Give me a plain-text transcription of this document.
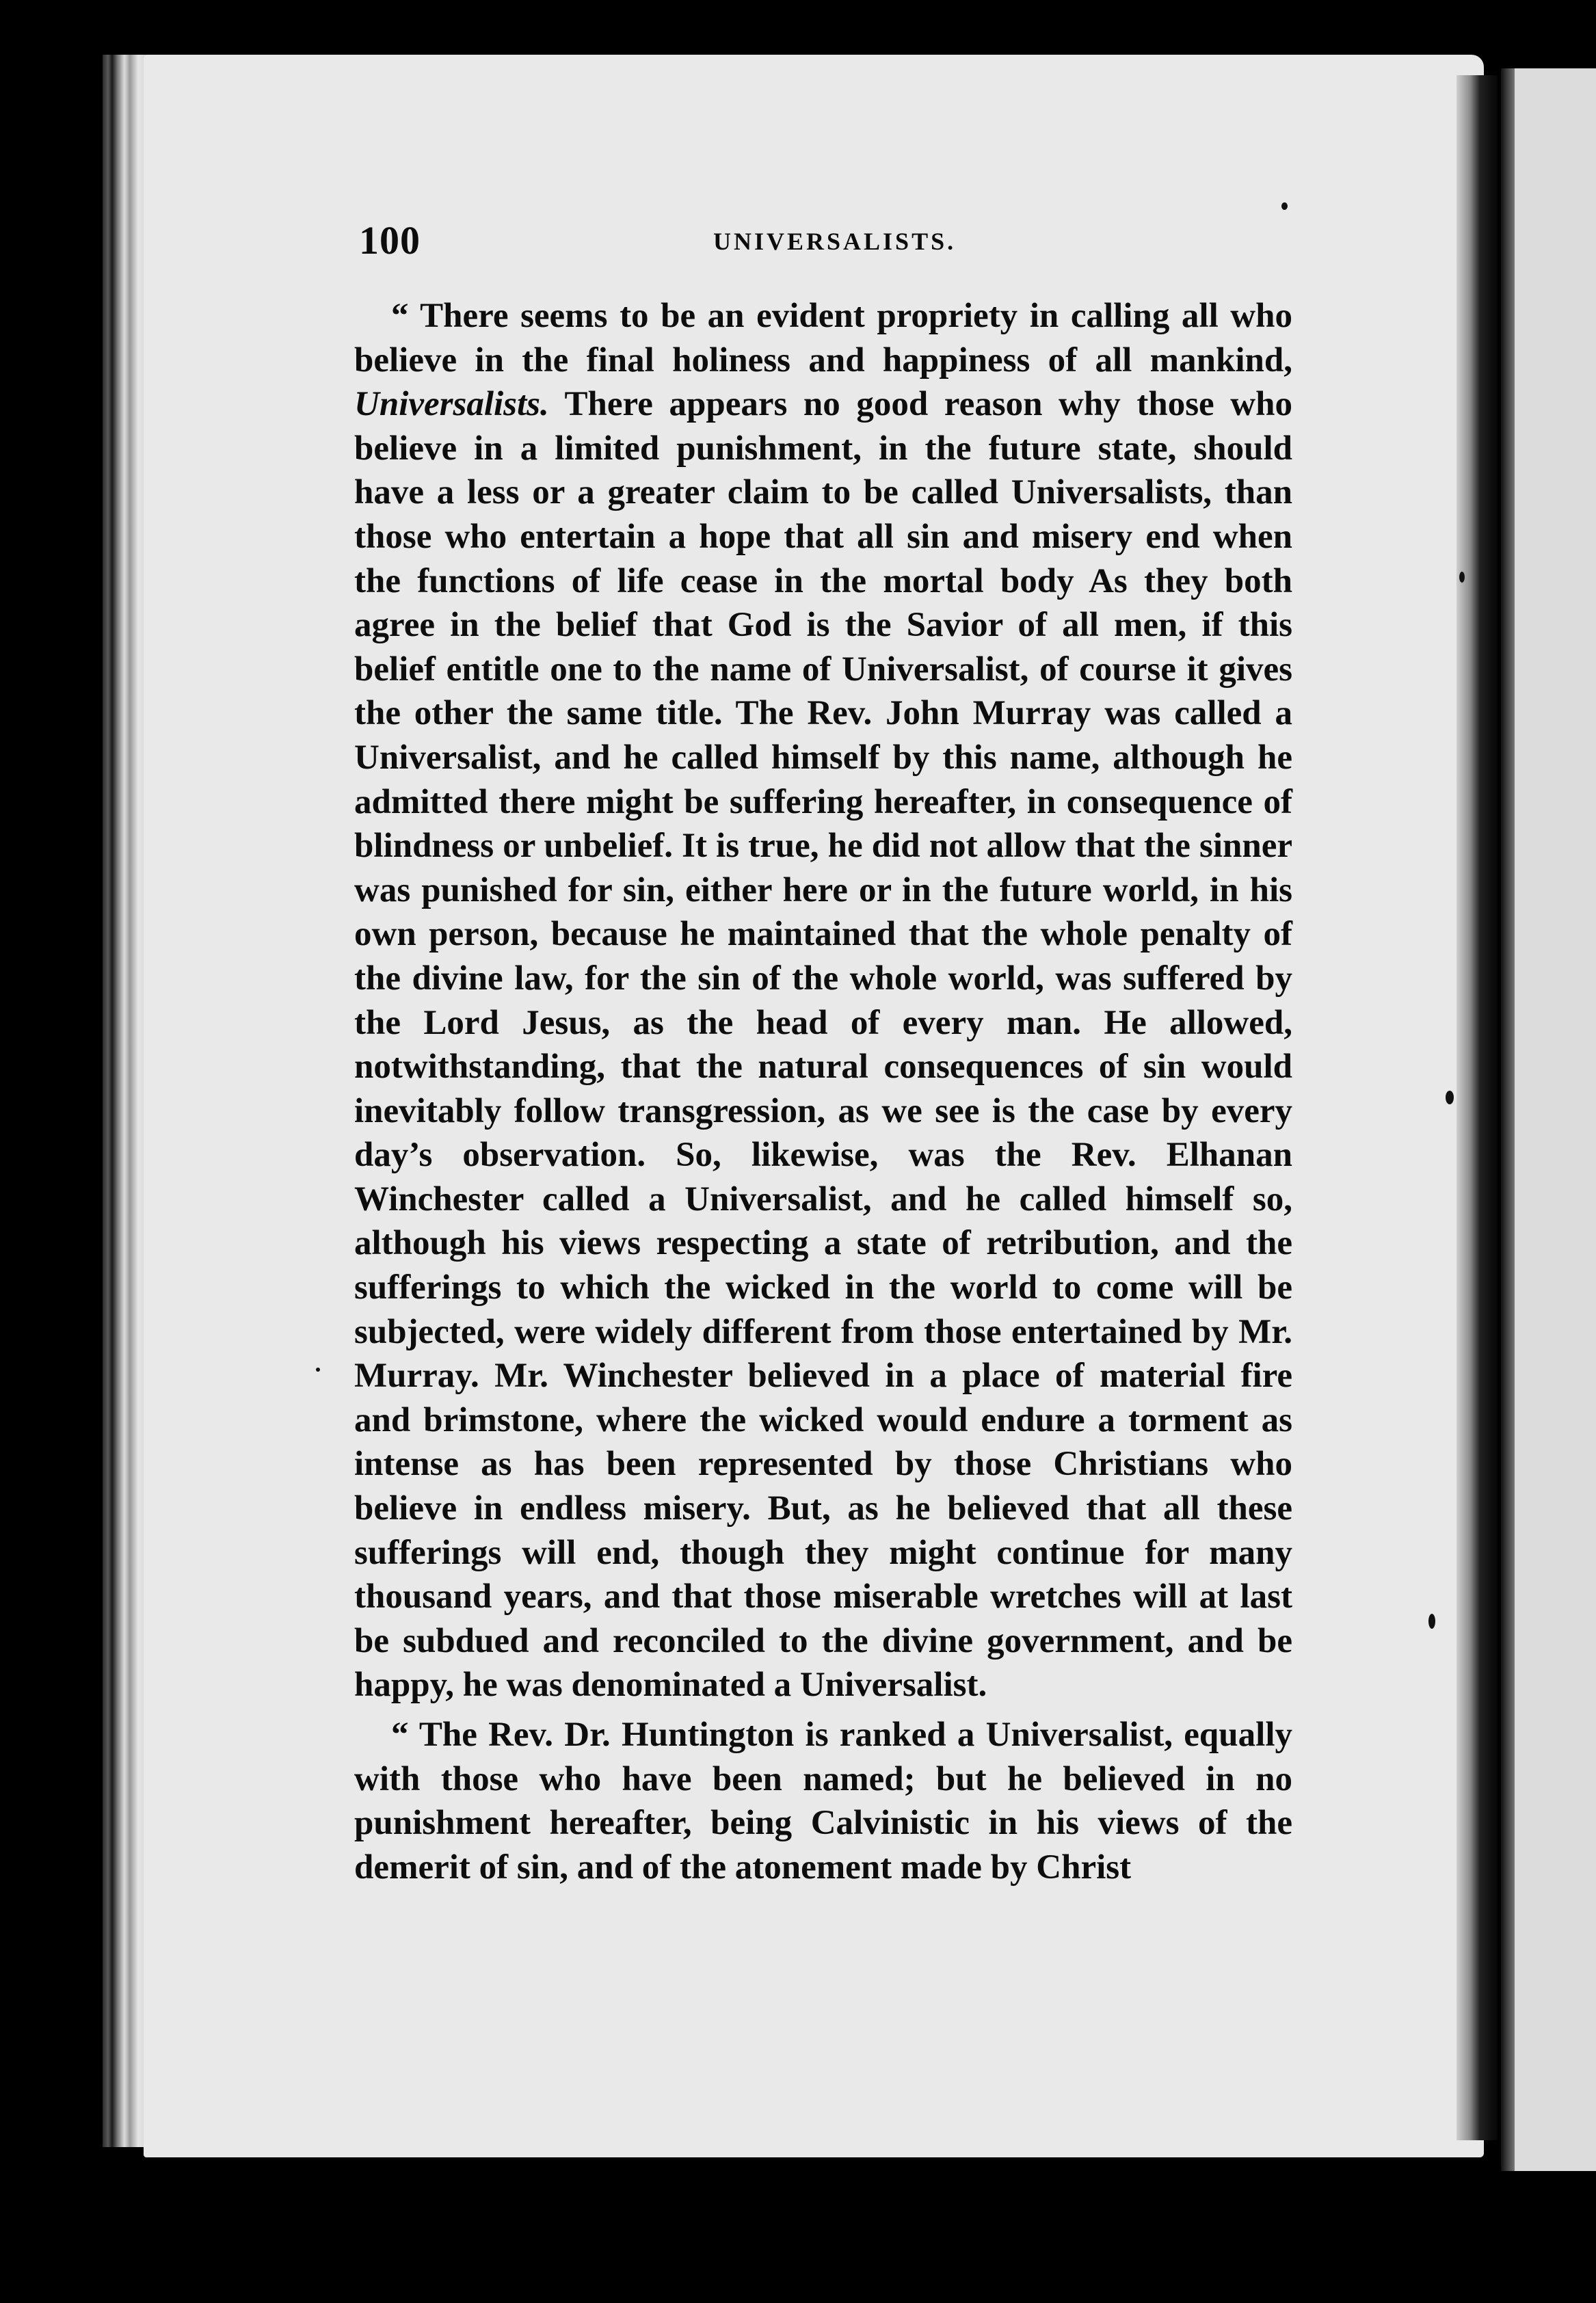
100	UNIVERSALISTS.

“ There seems to be an evident propriety in calling all who believe in the final holiness and happiness of all mankind, Universalists. There appears no good reason why those who believe in a limited punishment, in the future state, should have a less or a greater claim to be called Universalists, than those who entertain a hope that all sin and misery end when the functions of life cease in the mortal body As they both agree in the belief that God is the Savior of all men, if this belief entitle one to the name of Universalist, of course it gives the other the same title. The Rev. John Murray was called a Universalist, and he called himself by this name, although he admitted there might be suffering hereafter, in consequence of blindness or unbelief. It is true, he did not allow that the sinner was punished for sin, either here or in the future world, in his own person, because he maintained that the whole penalty of the divine law, for the sin of the whole world, was suffered by the Lord Jesus, as the head of every man. He allowed, notwithstanding, that the natural consequences of sin would inevitably follow transgression, as we see is the case by every day’s observation. So, likewise, was the Rev. Elhanan Winchester called a Universalist, and he called himself so, although his views respecting a state of retribution, and the sufferings to which the wicked in the world to come will be subjected, were widely different from those entertained by Mr. Murray. Mr. Winchester believed in a place of material fire and brimstone, where the wicked would endure a torment as intense as has been represented by those Christians who believe in endless misery. But, as he believed that all these sufferings will end, though they might continue for many thousand years, and that those miserable wretches will at last be subdued and reconciled to the divine government, and be happy, he was denominated a Universalist.

“ The Rev. Dr. Huntington is ranked a Universalist, equally with those who have been named; but he believed in no punishment hereafter, being Calvinistic in his views of the demerit of sin, and of the atonement made by Christ
